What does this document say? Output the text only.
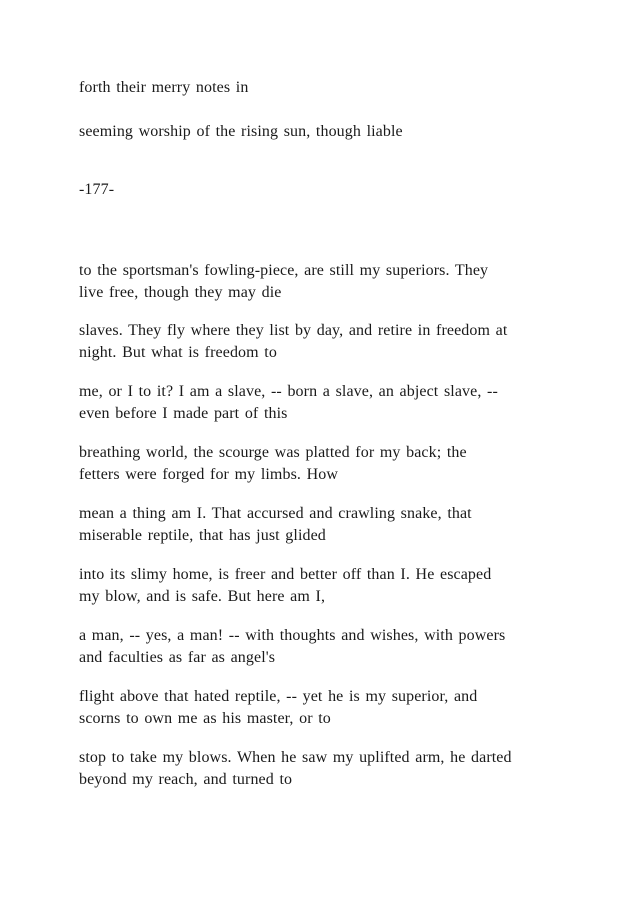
forth their merry notes in

seeming worship of the rising sun, though liable

-177-

to the sportsman's fowling-piece, are still my superiors. They

live free, though they may die

slaves. They fly where they list by day, and retire in freedom at

night. But what is freedom to

me, or I to it? I am a slave, -- born a slave, an abject slave, --

even before I made part of this

breathing world, the scourge was platted for my back; the

fetters were forged for my limbs. How

mean a thing am I. That accursed and crawling snake, that

miserable reptile, that has just glided

into its slimy home, is freer and better off than I. He escaped

my blow, and is safe. But here am I,

a man, -- yes, a man! -- with thoughts and wishes, with powers

and faculties as far as angel's

flight above that hated reptile, -- yet he is my superior, and

scorns to own me as his master, or to

stop to take my blows. When he saw my uplifted arm, he darted

beyond my reach, and turned to
